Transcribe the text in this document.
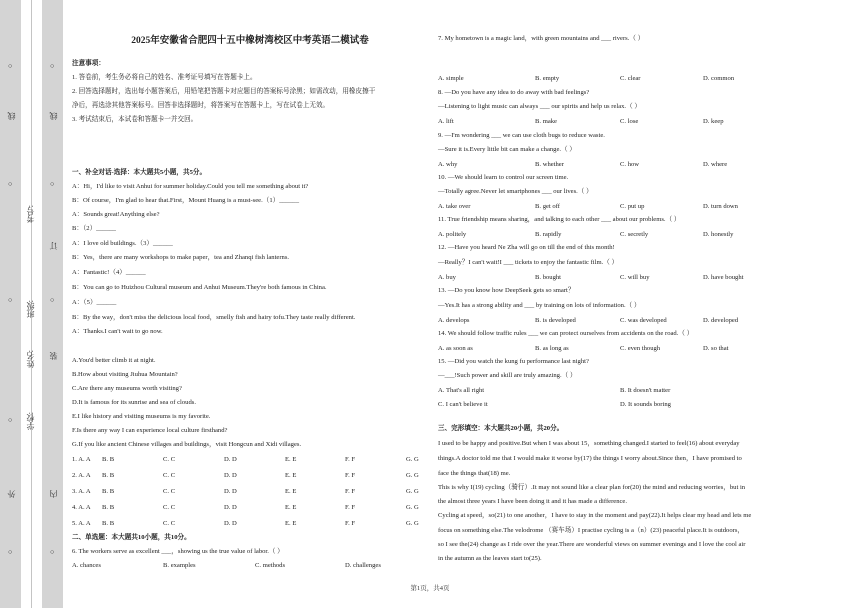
线
考号:
班级:
姓名:
学校:
外
线
订
装
内
○
○
○
○
○
○
○
○
○
2025年安徽省合肥四十五中橡树湾校区中考英语二模试卷
注意事项：
1. 答卷前，考生务必将自己的姓名、准考证号填写在答题卡上。
2. 回答选择题时，选出每小题答案后，用铅笔把答题卡对应题目的答案标号涂黑；如需改动，用橡皮擦干
净后，再选涂其他答案标号。回答非选择题时，将答案写在答题卡上，写在试卷上无效。
3. 考试结束后，本试卷和答题卡一并交回。
一、补全对话-选择：本大题共5小题，共5分。
A：Hi，I'd like to visit Anhui for summer holiday.Could you tell me something about it?
B：Of course，I'm glad to hear that.First，Mount Huang is a must-see.（1）______
A：Sounds great!Anything else?
B：（2）______
A：I love old buildings.（3）______
B：Yes，there are many workshops to make paper，tea and Zhanqi fish lanterns.
A：Fantastic!（4）______
B：You can go to Huizhou Cultural museum and Anhui Museum.They're both famous in China.
A：（5）______
B：By the way，don't miss the delicious local food，smelly fish and hairy tofu.They taste really different.
A：Thanks.I can't wait to go now.
A.You'd better climb it at night.
B.How about visiting Jiuhua Mountain?
C.Are there any museums worth visiting?
D.It is famous for its sunrise and sea of clouds.
E.I like history and visiting museums is my favorite.
F.Is there any way I can experience local culture firsthand?
G.If you like ancient Chinese villages and buildings，visit Hongcun and Xidi villages.
1. A. A B. B	C. C	D. D	E. E	F. F	G. G
2. A. A B. B	C. C	D. D	E. E	F. F	G. G
3. A. A B. B	C. C	D. D	E. E	F. F	G. G
4. A. A B. B	C. C	D. D	E. E	F. F	G. G
5. A. A B. B	C. C	D. D	E. E	F. F	G. G
二、单选题：本大题共10小题，共10分。
6. The workers serve as excellent ___，showing us the true value of labor.（ ）
A. chances	B. examples	C. methods	D. challenges
7. My hometown is a magic land，with green mountains and ___ rivers.（ ）
A. simple	B. empty	C. clear	D. common
8. —Do you have any idea to do away with bad feelings?
—Listening to light music can always ___ our spirits and help us relax.（ ）
A. lift	B. make	C. lose	D. keep
9. —I'm wondering ___ we can use cloth bugs to reduce waste.
—Sure it is.Every little bit can make a change.（ ）
A. why	B. whether	C. how	D. where
10. —We should learn to control our screen time.
—Totally agree.Never let smartphones ___ our lives.（ ）
A. take over	B. get off	C. put up	D. turn down
11. True friendship means sharing，and talking to each other ___ about our problems.（ ）
A. politely	B. rapidly	C. secretly	D. honestly
12. —Have you heard Ne Zha will go on till the end of this month!
—Really？I can't wait!I ___ tickets to enjoy the fantastic film.（ ）
A. buy	B. bought	C. will buy	D. have bought
13. —Do you know how DeepSeek gets so smart？
—Yes.It has a strong ability and ___ by training on lots of information.（ ）
A. develops	B. is developed	C. was developed	D. developed
14. We should follow traffic rules ___ we can protect ourselves from accidents on the road.（ ）
A. as soon as	B. as long as	C. even though	D. so that
15. —Did you watch the kung fu performance last night?
—___!Such power and skill are truly amazing.（ ）
A. That's all right	B. It doesn't matter
C. I can't believe it	D. It sounds boring
三、完形填空：本大题共20小题，共20分。
I used to be happy and positive.But when I was about 15，something changed.I started to feel(16) about everyday
things.A doctor told me that I would make it worse by(17) the things I worry about.Since then，I have promised to
face the things that(18) me.
This is why I(19) cycling（骑行）.It may not sound like a clear plan for(20) the mind and reducing worries，but in
the almost three years I have been doing it and it has made a difference.
Cycling at speed，so(21) to one another，I have to stay in the moment and pay(22).It helps clear my head and lets me
focus on something else.The velodrome （赛车场）I practise cycling is a（n）(23) peaceful place.It is outdoors，
so I see the(24) change as I ride over the year.There are wonderful views on summer evenings and I love the cool air
in the autumn as the leaves start to(25).
第1页，共4页
